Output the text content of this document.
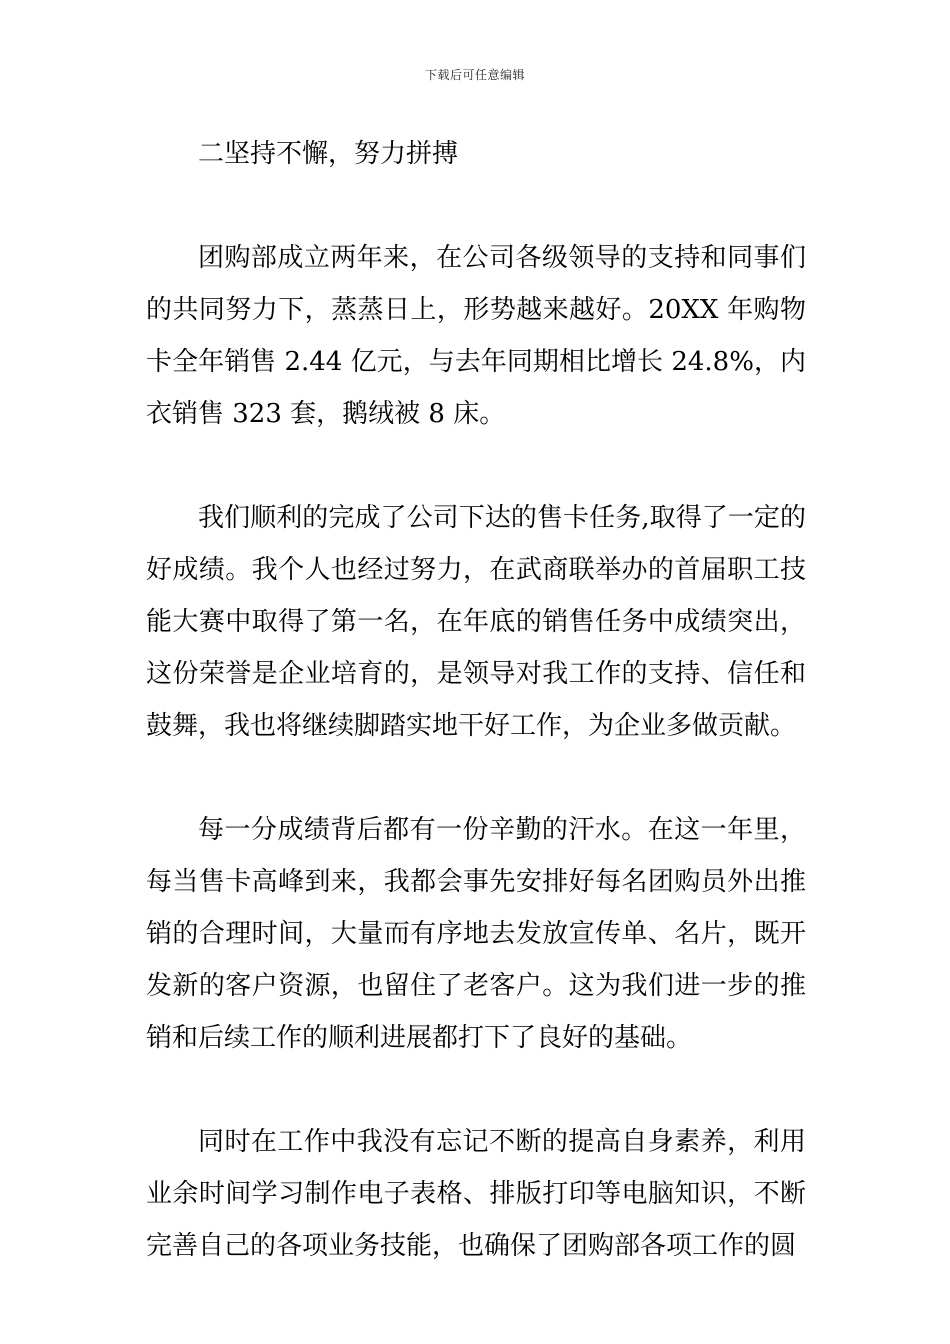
下载后可任意编辑

二坚持不懈，努力拼搏

团购部成立两年来，在公司各级领导的支持和同事们的共同努力下，蒸蒸日上，形势越来越好。20XX 年购物卡全年销售 2.44 亿元，与去年同期相比增长 24.8%，内衣销售 323 套，鹅绒被 8 床。

我们顺利的完成了公司下达的售卡任务,取得了一定的好成绩。我个人也经过努力，在武商联举办的首届职工技能大赛中取得了第一名，在年底的销售任务中成绩突出，这份荣誉是企业培育的，是领导对我工作的支持、信任和鼓舞，我也将继续脚踏实地干好工作，为企业多做贡献。

每一分成绩背后都有一份辛勤的汗水。在这一年里，每当售卡高峰到来，我都会事先安排好每名团购员外出推销的合理时间，大量而有序地去发放宣传单、名片，既开发新的客户资源，也留住了老客户。这为我们进一步的推销和后续工作的顺利进展都打下了良好的基础。

同时在工作中我没有忘记不断的提高自身素养，利用业余时间学习制作电子表格、排版打印等电脑知识，不断完善自己的各项业务技能，也确保了团购部各项工作的圆
